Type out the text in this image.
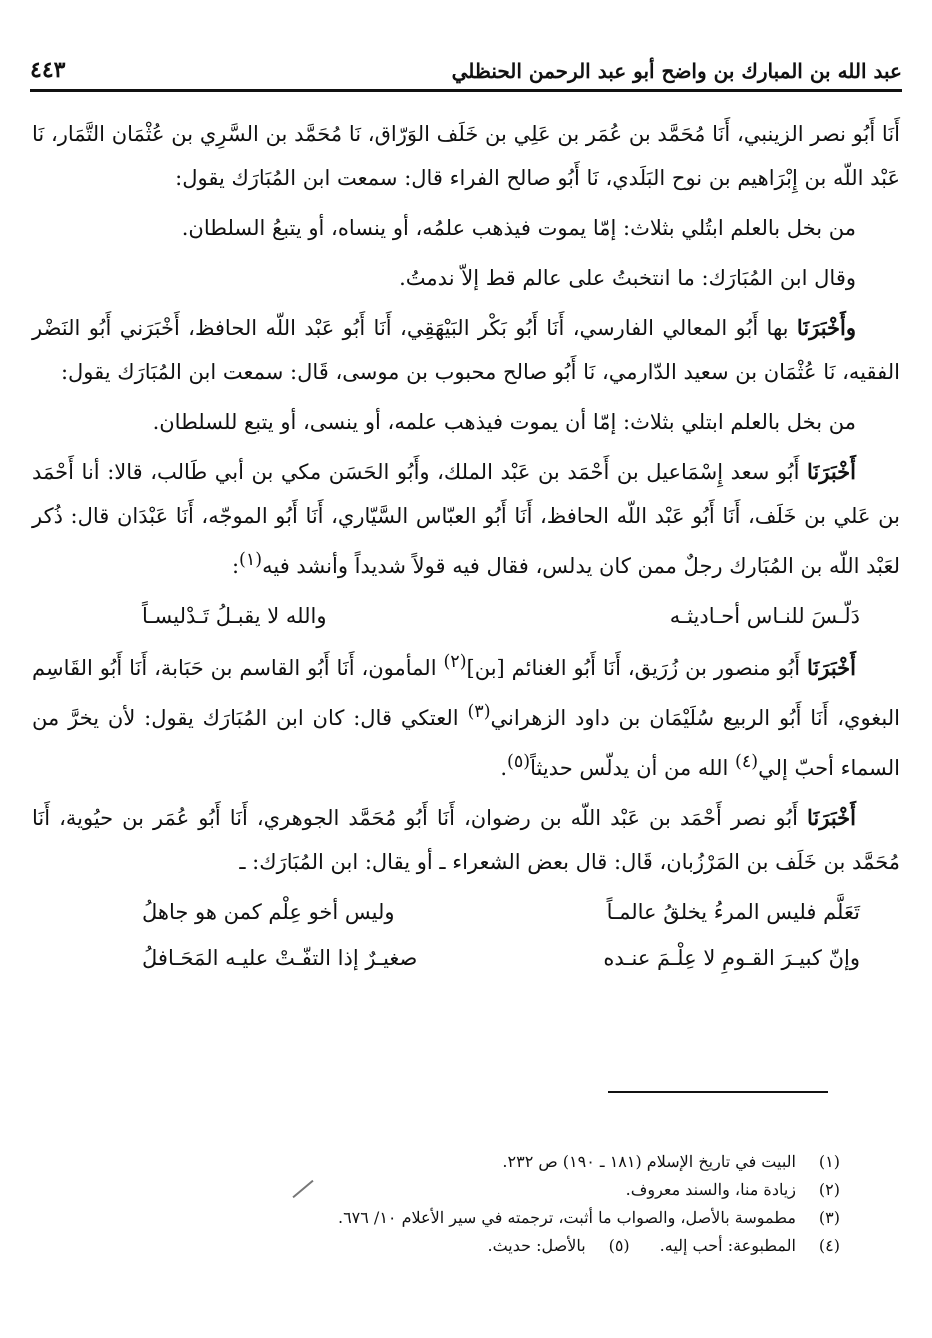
عبد الله بن المبارك بن واضح أبو عبد الرحمن الحنظلي
٤٤٣

أَنَا أَبُو نصر الزينبي، أَنَا مُحَمَّد بن عُمَر بن عَلِي بن خَلَف الوَرّاق، نَا مُحَمَّد بن السَّرِي بن عُثْمَان التَّمَار، نَا عَبْد اللّه بن إِبْرَاهيم بن نوح البَلَدي، نَا أَبُو صالح الفراء قال: سمعت ابن المُبَارَك يقول:

من بخل بالعلم ابتُلي بثلاث: إمّا يموت فيذهب علمُه، أو ينساه، أو يتبعُ السلطان.

وقال ابن المُبَارَك: ما انتخبتُ على عالم قط إلاّ ندمتُ.

وأَخْبَرَنَا بها أَبُو المعالي الفارسي، أَنَا أَبُو بَكْر البَيْهَقِي، أَنَا أَبُو عَبْد اللّه الحافظ، أَخْبَرَني أَبُو النَضْر الفقيه، نَا عُثْمَان بن سعيد الدّارمي، نَا أَبُو صالح محبوب بن موسى، قَال: سمعت ابن المُبَارَك يقول:

من بخل بالعلم ابتلي بثلاث: إمّا أن يموت فيذهب علمه، أو ينسى، أو يتبع للسلطان.

أَخْبَرَنَا أَبُو سعد إِسْمَاعيل بن أَحْمَد بن عَبْد الملك، وأَبُو الحَسَن مكي بن أبي طَالب، قالا: أنا أَحْمَد بن عَلي بن خَلَف، أَنَا أَبُو عَبْد اللّه الحافظ، أَنَا أَبُو العبّاس السَّيّاري، أَنَا أَبُو الموجّه، أَنَا عَبْدَان قال: ذُكر لعَبْد اللّه بن المُبَارك رجلٌ ممن كان يدلس، فقال فيه قولاً شديداً وأنشد فيه$^{(١)}$:

دَلّـسَ للنـاس أحـاديثـه
والله لا يقبـلُ تَـدْليسـاً

أَخْبَرَنَا أَبُو منصور بن زُرَيق، أَنَا أَبُو الغنائم [بن]$^{(٢)}$ المأمون، أَنَا أَبُو القاسم بن حَبَابة، أَنَا أَبُو القَاسِم البغوي، أَنَا أَبُو الربيع سُلَيْمَان بن داود الزهراني$^{(٣)}$ العتكي قال: كان ابن المُبَارَك يقول: لأن يخرَّ من السماء أحبّ إلي$^{(٤)}$ الله من أن يدلّس حديثاً$^{(٥)}$.

أَخْبَرَنَا أَبُو نصر أَحْمَد بن عَبْد اللّه بن رضوان، أَنَا أَبُو مُحَمَّد الجوهري، أَنَا أَبُو عُمَر بن حيُوية، أَنَا مُحَمَّد بن خَلَف بن المَرْزُبان، قَال: قال بعض الشعراء ـ أو يقال: ابن المُبَارَك: ـ

تَعَلَّم فليس المرءُ يخلقُ عالمـاً
وليس أخو عِلْم كمن هو جاهلُ
وإنّ كبيـرَ القـومِ لا عِلْـمَ عنـده
صغيـرٌ إذا التفّـتْ عليـه المَحَـافلُ
(١)
البيت في تاريخ الإسلام (١٨١ ـ ١٩٠) ص ٢٣٢.
(٢)
زيادة منا، والسند معروف.
(٣)
مطموسة بالأصل، والصواب ما أثبت، ترجمته في سير الأعلام ١٠/ ٦٧٦.
(٤)
المطبوعة: أحب إليه.
(٥)
بالأصل: حديث.
